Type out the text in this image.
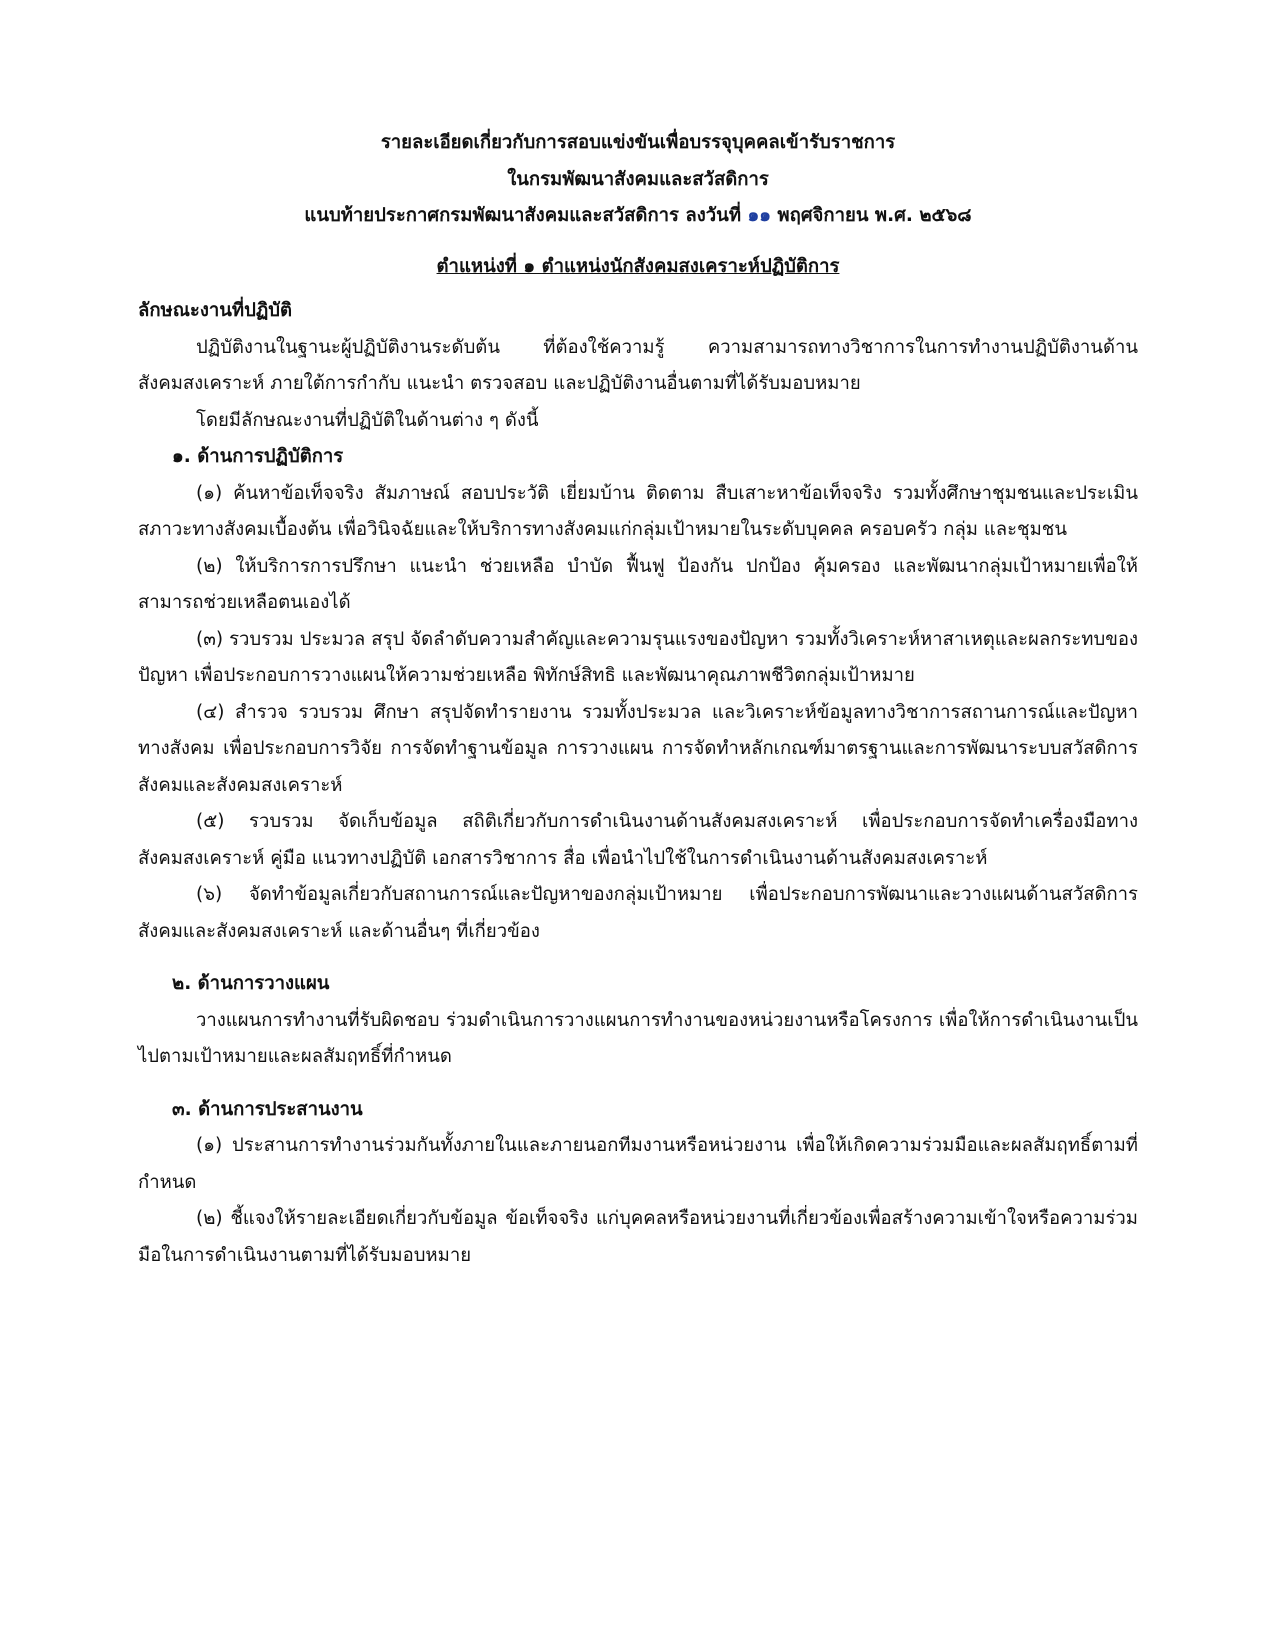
รายละเอียดเกี่ยวกับการสอบแข่งขันเพื่อบรรจุบุคคลเข้ารับราชการ

ในกรมพัฒนาสังคมและสวัสดิการ

แนบท้ายประกาศกรมพัฒนาสังคมและสวัสดิการ ลงวันที่ ๑๑ พฤศจิกายน พ.ศ. ๒๕๖๘

ตำแหน่งที่ ๑ ตำแหน่งนักสังคมสงเคราะห์ปฏิบัติการ

ลักษณะงานที่ปฏิบัติ

ปฏิบัติงานในฐานะผู้ปฏิบัติงานระดับต้น ที่ต้องใช้ความรู้ ความสามารถทางวิชาการในการทำงานปฏิบัติงานด้านสังคมสงเคราะห์ ภายใต้การกำกับ แนะนำ ตรวจสอบ และปฏิบัติงานอื่นตามที่ได้รับมอบหมาย

โดยมีลักษณะงานที่ปฏิบัติในด้านต่าง ๆ ดังนี้

๑. ด้านการปฏิบัติการ

(๑) ค้นหาข้อเท็จจริง สัมภาษณ์ สอบประวัติ เยี่ยมบ้าน ติดตาม สืบเสาะหาข้อเท็จจริง รวมทั้งศึกษาชุมชนและประเมินสภาวะทางสังคมเบื้องต้น เพื่อวินิจฉัยและให้บริการทางสังคมแก่กลุ่มเป้าหมายในระดับบุคคล ครอบครัว กลุ่ม และชุมชน

(๒) ให้บริการการปรึกษา แนะนำ ช่วยเหลือ บำบัด ฟื้นฟู ป้องกัน ปกป้อง คุ้มครอง และพัฒนากลุ่มเป้าหมายเพื่อให้สามารถช่วยเหลือตนเองได้

(๓) รวบรวม ประมวล สรุป จัดลำดับความสำคัญและความรุนแรงของปัญหา รวมทั้งวิเคราะห์หาสาเหตุและผลกระทบของปัญหา เพื่อประกอบการวางแผนให้ความช่วยเหลือ พิทักษ์สิทธิ และพัฒนาคุณภาพชีวิตกลุ่มเป้าหมาย

(๔) สำรวจ รวบรวม ศึกษา สรุปจัดทำรายงาน รวมทั้งประมวล และวิเคราะห์ข้อมูลทางวิชาการสถานการณ์และปัญหาทางสังคม เพื่อประกอบการวิจัย การจัดทำฐานข้อมูล การวางแผน การจัดทำหลักเกณฑ์มาตรฐานและการพัฒนาระบบสวัสดิการสังคมและสังคมสงเคราะห์

(๕) รวบรวม จัดเก็บข้อมูล สถิติเกี่ยวกับการดำเนินงานด้านสังคมสงเคราะห์ เพื่อประกอบการจัดทำเครื่องมือทางสังคมสงเคราะห์ คู่มือ แนวทางปฏิบัติ เอกสารวิชาการ สื่อ เพื่อนำไปใช้ในการดำเนินงานด้านสังคมสงเคราะห์

(๖) จัดทำข้อมูลเกี่ยวกับสถานการณ์และปัญหาของกลุ่มเป้าหมาย เพื่อประกอบการพัฒนาและวางแผนด้านสวัสดิการสังคมและสังคมสงเคราะห์ และด้านอื่นๆ ที่เกี่ยวข้อง

๒. ด้านการวางแผน

วางแผนการทำงานที่รับผิดชอบ ร่วมดำเนินการวางแผนการทำงานของหน่วยงานหรือโครงการ เพื่อให้การดำเนินงานเป็นไปตามเป้าหมายและผลสัมฤทธิ์ที่กำหนด

๓. ด้านการประสานงาน

(๑) ประสานการทำงานร่วมกันทั้งภายในและภายนอกทีมงานหรือหน่วยงาน เพื่อให้เกิดความร่วมมือและผลสัมฤทธิ์ตามที่กำหนด

(๒) ชี้แจงให้รายละเอียดเกี่ยวกับข้อมูล ข้อเท็จจริง แก่บุคคลหรือหน่วยงานที่เกี่ยวข้องเพื่อสร้างความเข้าใจหรือความร่วมมือในการดำเนินงานตามที่ได้รับมอบหมาย
